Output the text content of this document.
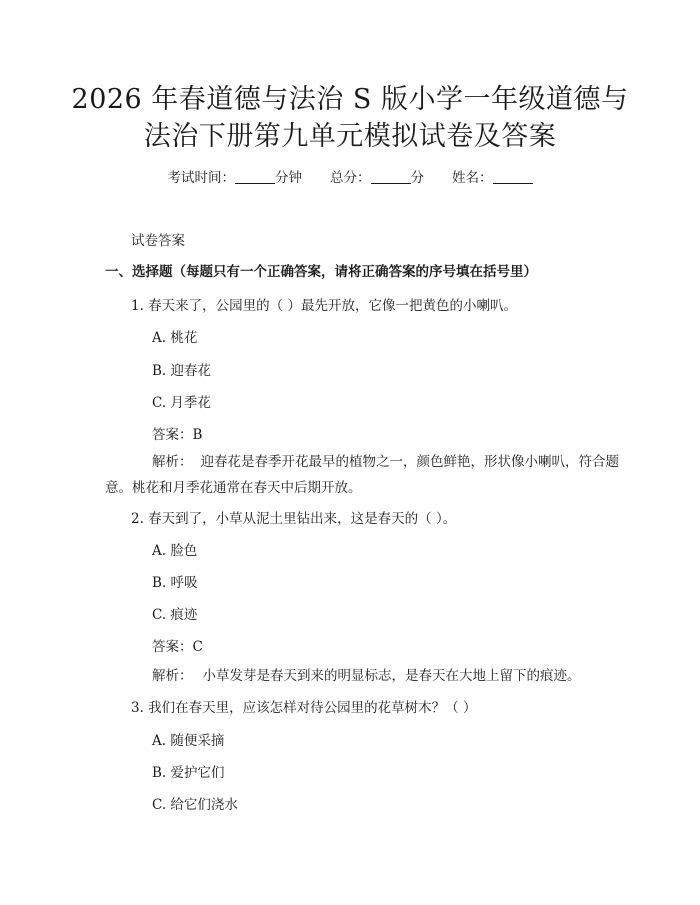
2026 年春道德与法治 S 版小学一年级道德与
法治下册第九单元模拟试卷及答案
考试时间：	分钟 总分：	分 姓名：

试卷答案

一、选择题（每题只有一个正确答案，请将正确答案的序号填在括号里）

1. 春天来了，公园里的（ ）最先开放，它像一把黄色的小喇叭。

A. 桃花

B. 迎春花

C. 月季花

答案：B

解析： 迎春花是春季开花最早的植物之一，颜色鲜艳，形状像小喇叭，符合题意。桃花和月季花通常在春天中后期开放。

2. 春天到了，小草从泥土里钻出来，这是春天的（ ）。

A. 脸色

B. 呼吸

C. 痕迹

答案：C

解析： 小草发芽是春天到来的明显标志，是春天在大地上留下的痕迹。

3. 我们在春天里，应该怎样对待公园里的花草树木？（ ）

A. 随便采摘

B. 爱护它们

C. 给它们浇水
